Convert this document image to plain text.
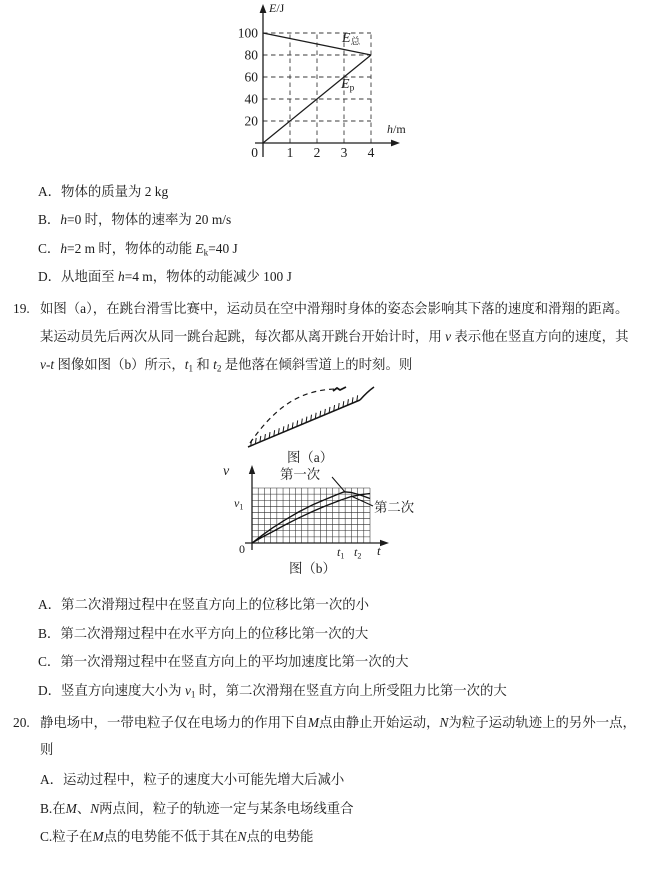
20
40
60
80
100
0 1 2 3 4
E/J
h/m
$E_总$
$E_p$
A．物体的质量为 2 kg
B．h=0 时，物体的速率为 20 m/s
C．h=2 m 时，物体的动能 $E_k=40$ J
D．从地面至 h=4 m，物体的动能减少 100 J
19. 如图（a），在跳台滑雪比赛中，运动员在空中滑翔时身体的姿态会影响其下落的速度和滑翔的距离。
某运动员先后两次从同一跳台起跳，每次都从离开跳台开始计时，用 v 表示他在竖直方向的速度，其
v-t 图像如图（b）所示，$t_1$ 和 $t_2$ 是他落在倾斜雪道上的时刻。则
图（a）
v
$v_1$
0	$t_1$ $t_2$ t
第一次
第二次
图（b）
A．第二次滑翔过程中在竖直方向上的位移比第一次的小
B．第二次滑翔过程中在水平方向上的位移比第一次的大
C．第一次滑翔过程中在竖直方向上的平均加速度比第一次的大
D．竖直方向速度大小为 $v_1$ 时，第二次滑翔在竖直方向上所受阻力比第一次的大
20. 静电场中，一带电粒子仅在电场力的作用下自M点由静止开始运动，N为粒子运动轨迹上的另外一点，
则
A．运动过程中，粒子的速度大小可能先增大后减小
B.在M、N两点间，粒子的轨迹一定与某条电场线重合
C.粒子在M点的电势能不低于其在N点的电势能
